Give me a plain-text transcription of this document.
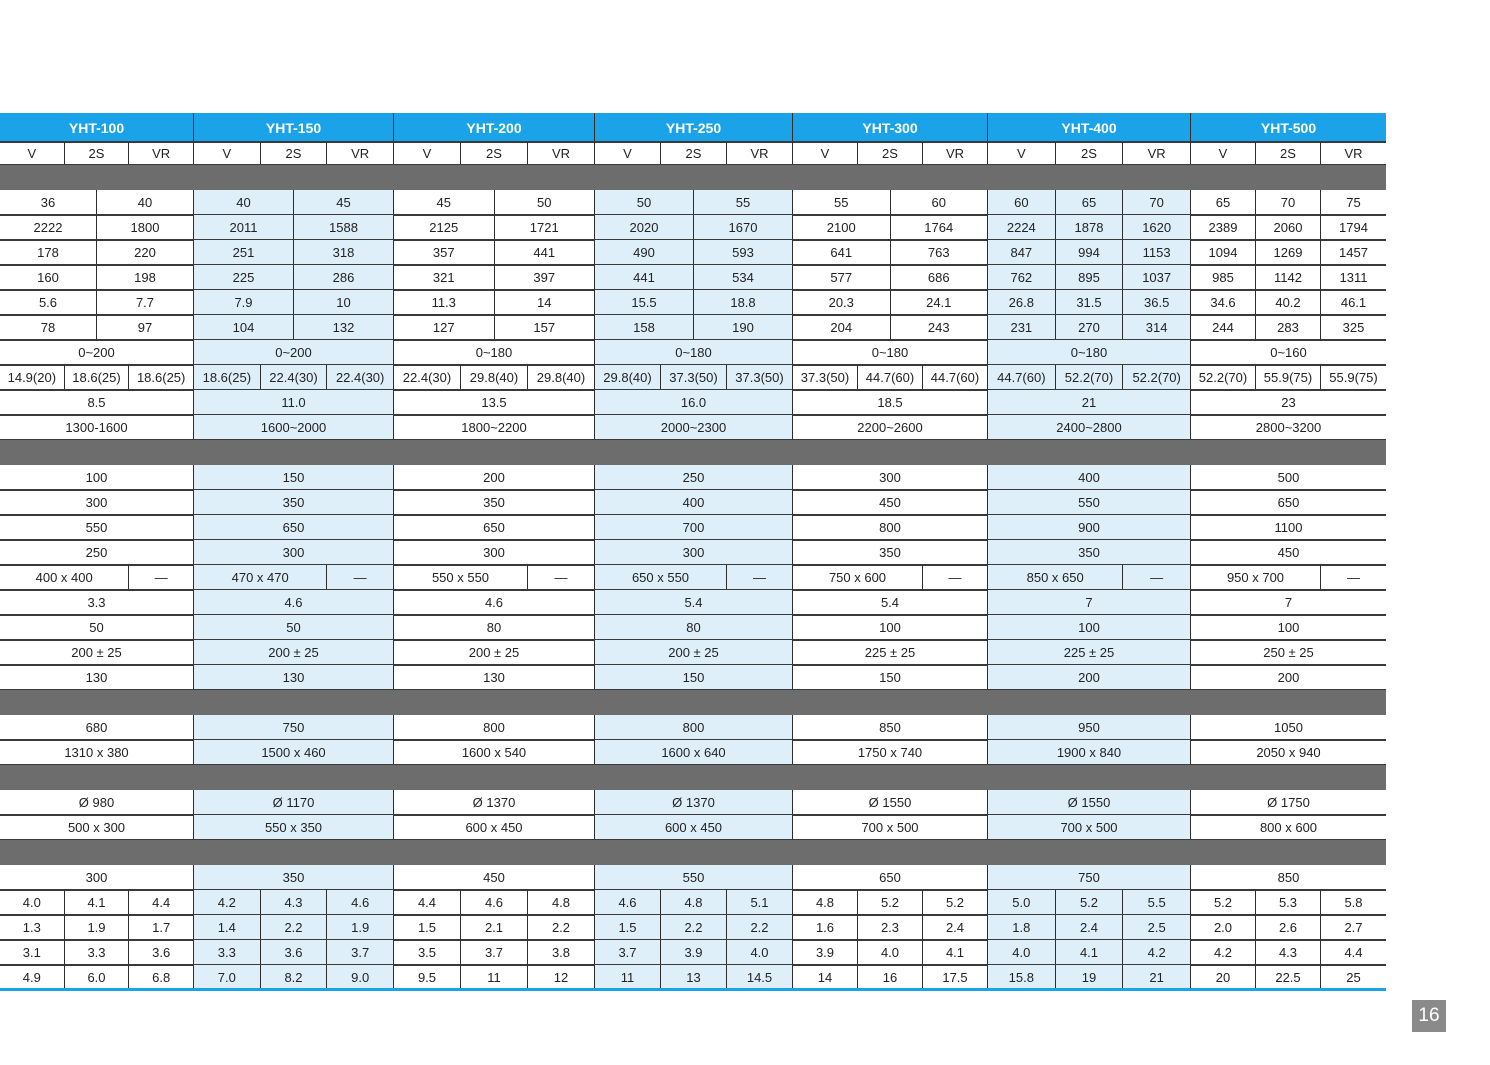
YHT-100	YHT-150	YHT-200	YHT-250	YHT-300	YHT-400	YHT-500
V	2S	VR	V	2S	VR	V	2S	VR	V	2S	VR	V	2S	VR	V	2S	VR	V	2S	VR
36	40	40	45	45	50	50	55	55	60	60	65	70	65	70	75
2222	1800	2011	1588	2125	1721	2020	1670	2100	1764	2224	1878	1620	2389	2060	1794
178	220	251	318	357	441	490	593	641	763	847	994	1153	1094	1269	1457
160	198	225	286	321	397	441	534	577	686	762	895	1037	985	1142	1311
5.6	7.7	7.9	10	11.3	14	15.5	18.8	20.3	24.1	26.8	31.5	36.5	34.6	40.2	46.1
78	97	104	132	127	157	158	190	204	243	231	270	314	244	283	325
0~200	0~200	0~180	0~180	0~180	0~180	0~160
14.9(20)	18.6(25)	18.6(25)	18.6(25)	22.4(30)	22.4(30)	22.4(30)	29.8(40)	29.8(40)	29.8(40)	37.3(50)	37.3(50)	37.3(50)	44.7(60)	44.7(60)	44.7(60)	52.2(70)	52.2(70)	52.2(70)	55.9(75)	55.9(75)
8.5	11.0	13.5	16.0	18.5	21	23
1300-1600	1600~2000	1800~2200	2000~2300	2200~2600	2400~2800	2800~3200
100	150	200	250	300	400	500
300	350	350	400	450	550	650
550	650	650	700	800	900	1100
250	300	300	300	350	350	450
400 x 400	—	470 x 470	—	550 x 550	—	650 x 550	—	750 x 600	—	850 x 650	—	950 x 700	—
3.3	4.6	4.6	5.4	5.4	7	7
50	50	80	80	100	100	100
200 ± 25	200 ± 25	200 ± 25	200 ± 25	225 ± 25	225 ± 25	250 ± 25
130	130	130	150	150	200	200
680	750	800	800	850	950	1050
1310 x 380	1500 x 460	1600 x 540	1600 x 640	1750 x 740	1900 x 840	2050 x 940
Ø 980	Ø 1170	Ø 1370	Ø 1370	Ø 1550	Ø 1550	Ø 1750
500 x 300	550 x 350	600 x 450	600 x 450	700 x 500	700 x 500	800 x 600
300	350	450	550	650	750	850
4.0	4.1	4.4	4.2	4.3	4.6	4.4	4.6	4.8	4.6	4.8	5.1	4.8	5.2	5.2	5.0	5.2	5.5	5.2	5.3	5.8
1.3	1.9	1.7	1.4	2.2	1.9	1.5	2.1	2.2	1.5	2.2	2.2	1.6	2.3	2.4	1.8	2.4	2.5	2.0	2.6	2.7
3.1	3.3	3.6	3.3	3.6	3.7	3.5	3.7	3.8	3.7	3.9	4.0	3.9	4.0	4.1	4.0	4.1	4.2	4.2	4.3	4.4
4.9	6.0	6.8	7.0	8.2	9.0	9.5	11	12	11	13	14.5	14	16	17.5	15.8	19	21	20	22.5	25
16
